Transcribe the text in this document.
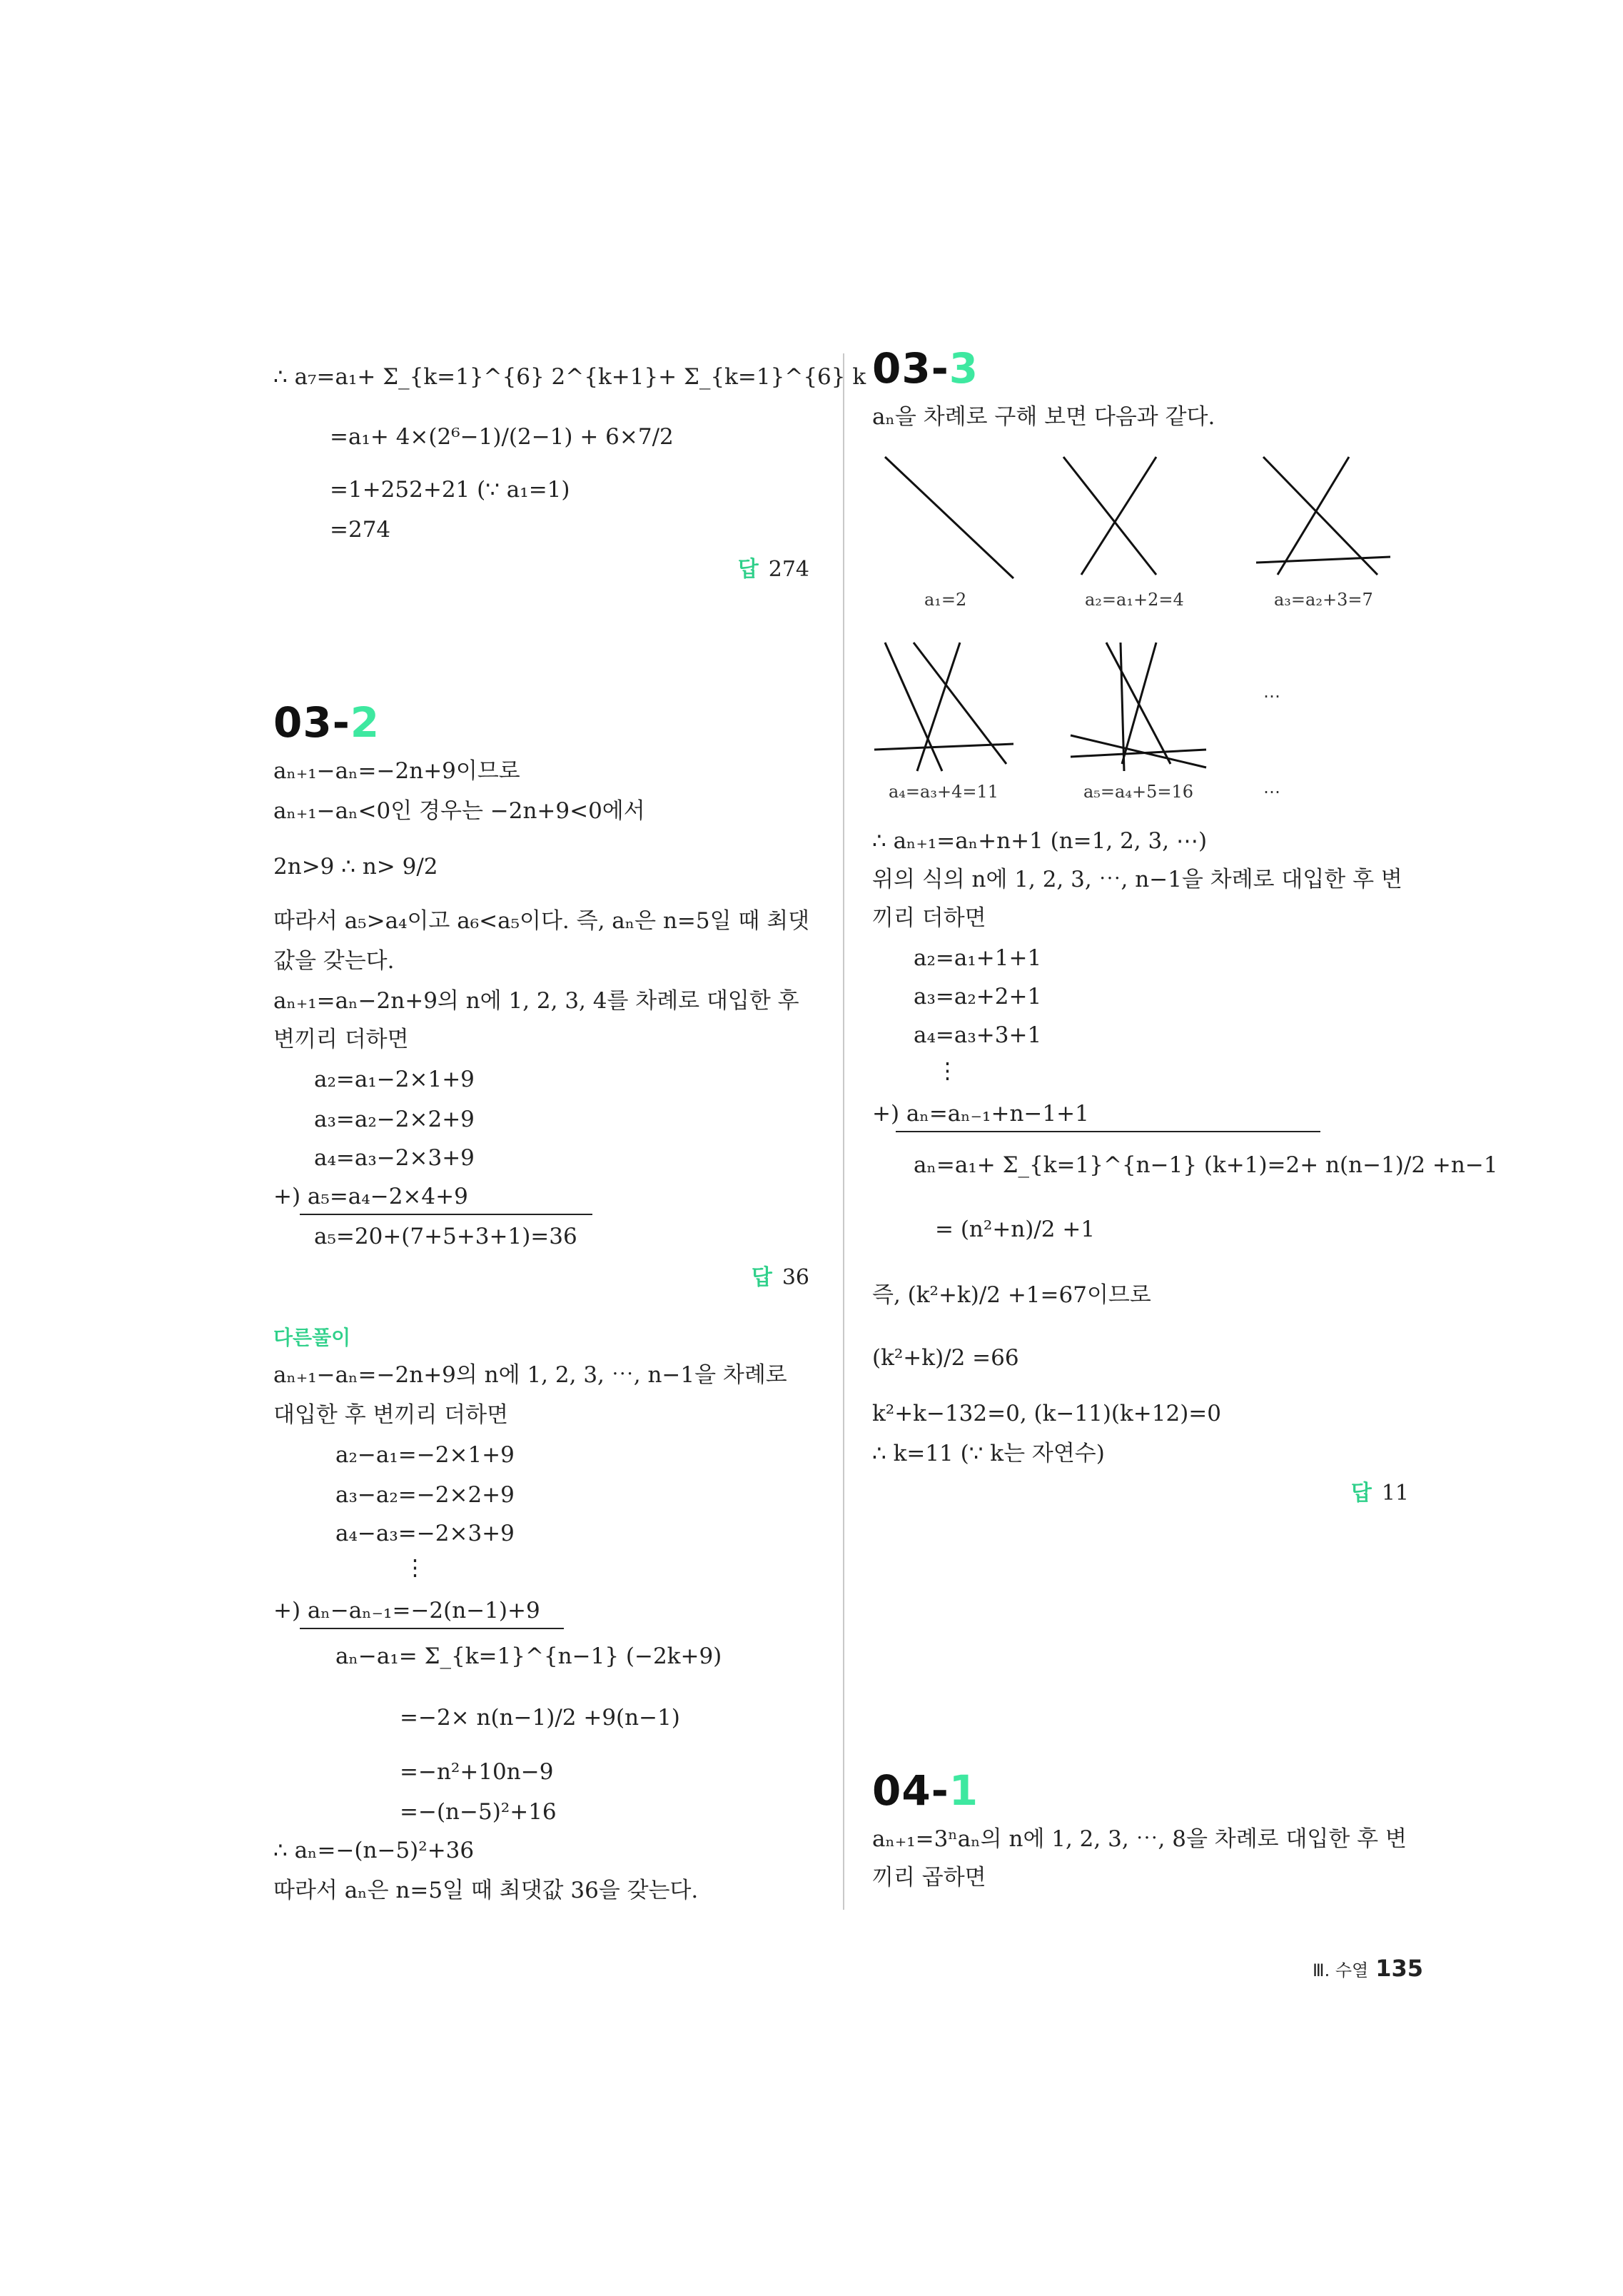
∴ a₇=a₁+ Σ_{k=1}^{6} 2^{k+1}+ Σ_{k=1}^{6} k
=a₁+ 4×(2⁶−1)/(2−1) + 6×7/2
=1+252+21 (∵ a₁=1)
=274
답 274
03-2
aₙ₊₁−aₙ=−2n+9이므로
aₙ₊₁−aₙ<0인 경우는 −2n+9<0에서
2n>9 ∴ n> 9/2
따라서 a₅>a₄이고 a₆<a₅이다. 즉, aₙ은 n=5일 때 최댓
값을 갖는다.
aₙ₊₁=aₙ−2n+9의 n에 1, 2, 3, 4를 차례로 대입한 후
변끼리 더하면
a₂=a₁−2×1+9
a₃=a₂−2×2+9
a₄=a₃−2×3+9
+) a₅=a₄−2×4+9
a₅=20+(7+5+3+1)=36
답 36
다른풀이
aₙ₊₁−aₙ=−2n+9의 n에 1, 2, 3, ⋯, n−1을 차례로
대입한 후 변끼리 더하면
a₂−a₁=−2×1+9
a₃−a₂=−2×2+9
a₄−a₃=−2×3+9
⋮
+) aₙ−aₙ₋₁=−2(n−1)+9
aₙ−a₁= Σ_{k=1}^{n−1} (−2k+9)
=−2× n(n−1)/2 +9(n−1)
=−n²+10n−9
=−(n−5)²+16
∴ aₙ=−(n−5)²+36
따라서 aₙ은 n=5일 때 최댓값 36을 갖는다.
03-3
aₙ을 차례로 구해 보면 다음과 같다.
a₁=2	a₂=a₁+2=4	a₃=a₂+3=7
⋯
a₄=a₃+4=11	a₅=a₄+5=16	⋯
∴ aₙ₊₁=aₙ+n+1 (n=1, 2, 3, ⋯)
위의 식의 n에 1, 2, 3, ⋯, n−1을 차례로 대입한 후 변
끼리 더하면
a₂=a₁+1+1
a₃=a₂+2+1
a₄=a₃+3+1
⋮
+) aₙ=aₙ₋₁+n−1+1
aₙ=a₁+ Σ_{k=1}^{n−1} (k+1)=2+ n(n−1)/2 +n−1
= (n²+n)/2 +1
즉, (k²+k)/2 +1=67이므로
(k²+k)/2 =66
k²+k−132=0, (k−11)(k+12)=0
∴ k=11 (∵ k는 자연수)
답 11
04-1
aₙ₊₁=3ⁿaₙ의 n에 1, 2, 3, ⋯, 8을 차례로 대입한 후 변
끼리 곱하면
Ⅲ. 수열 135
